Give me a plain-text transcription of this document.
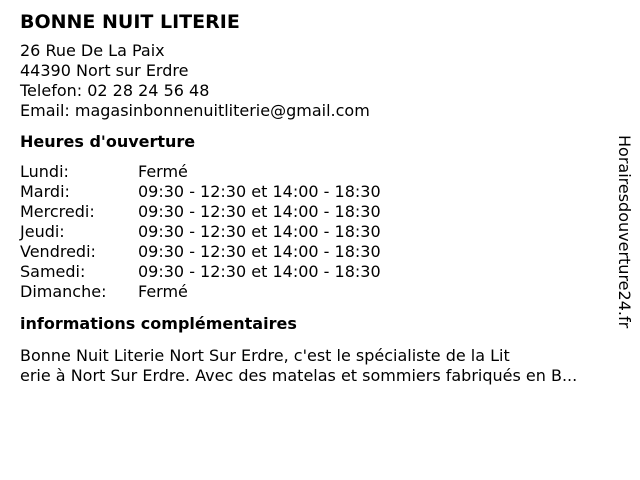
BONNE NUIT LITERIE
26 Rue De La Paix
44390 Nort sur Erdre
Telefon: 02 28 24 56 48
Email: magasinbonnenuitliterie@gmail.com
Heures d'ouverture
Lundi:	Fermé
Mardi:	09:30 - 12:30 et 14:00 - 18:30
Mercredi:	09:30 - 12:30 et 14:00 - 18:30
Jeudi:	09:30 - 12:30 et 14:00 - 18:30
Vendredi:	09:30 - 12:30 et 14:00 - 18:30
Samedi:	09:30 - 12:30 et 14:00 - 18:30
Dimanche:	Fermé
informations complémentaires
Bonne Nuit Literie Nort Sur Erdre, c'est le spécialiste de la Lit
erie à Nort Sur Erdre. Avec des matelas et sommiers fabriqués en B...
Horairesdouverture24.fr
